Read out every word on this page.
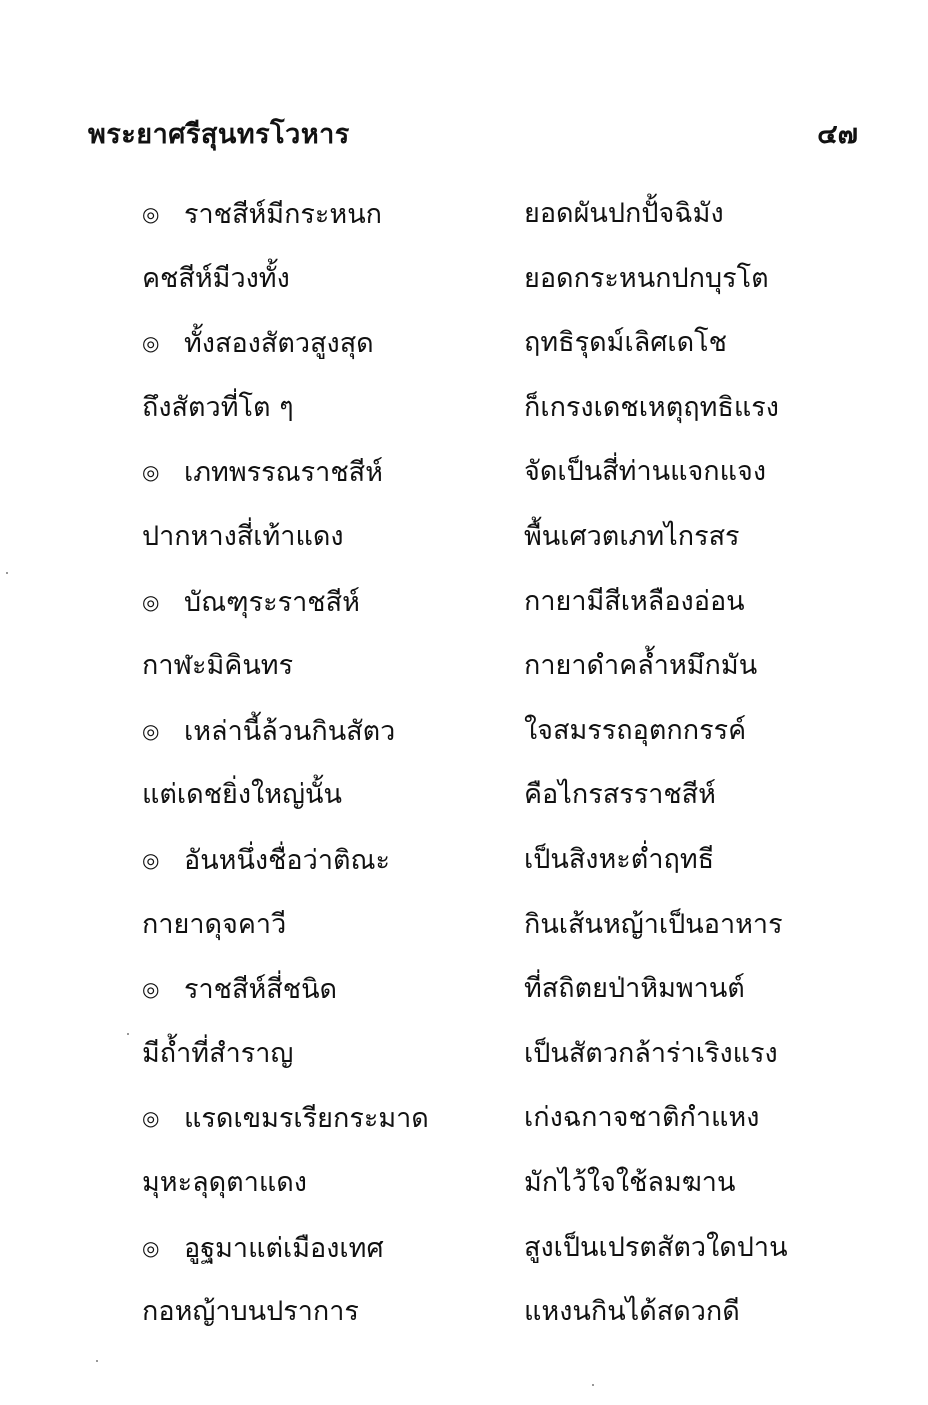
พระยาศรีสุนทรโวหาร	๔๗
◎ ราชสีห์มีกระหนก	ยอดผันปกปั้จฉิมัง
คชสีห์มีวงทั้ง	ยอดกระหนกปกบุรโต
◎ ทั้งสองสัตวสูงสุด	ฤทธิรุดม์เลิศเดโช
ถึงสัตวที่โต ๆ	ก็เกรงเดชเหตุฤทธิแรง
◎ เภทพรรณราชสีห์	จัดเป็นสี่ท่านแจกแจง
ปากหางสี่เท้าแดง	พื้นเศวตเภทไกรสร
◎ บัณฑุระราชสีห์	กายามีสีเหลืองอ่อน
กาฬะมิคินทร	กายาดำคล้ำหมึกมัน
◎ เหล่านี้ล้วนกินสัตว	ใจสมรรถอุตกกรรค์
แต่เดชยิ่งใหญ่นั้น	คือไกรสรราชสีห์
◎ อันหนึ่งชื่อว่าติณะ	เป็นสิงหะต่ำฤทธี
กายาดุจคาวี	กินเส้นหญ้าเป็นอาหาร
◎ ราชสีห์สี่ชนิด	ที่สถิตยป่าหิมพานต์
มีถ้ำที่สำราญ	เป็นสัตวกล้าร่าเริงแรง
◎ แรดเขมรเรียกระมาด	เก่งฉกาจชาติกำแหง
มุหะลุดุตาแดง	มักไว้ใจใช้ลมฆาน
◎ อูฐมาแต่เมืองเทศ	สูงเป็นเปรตสัตวใดปาน
กอหญ้าบนปราการ	แหงนกินได้สดวกดี
